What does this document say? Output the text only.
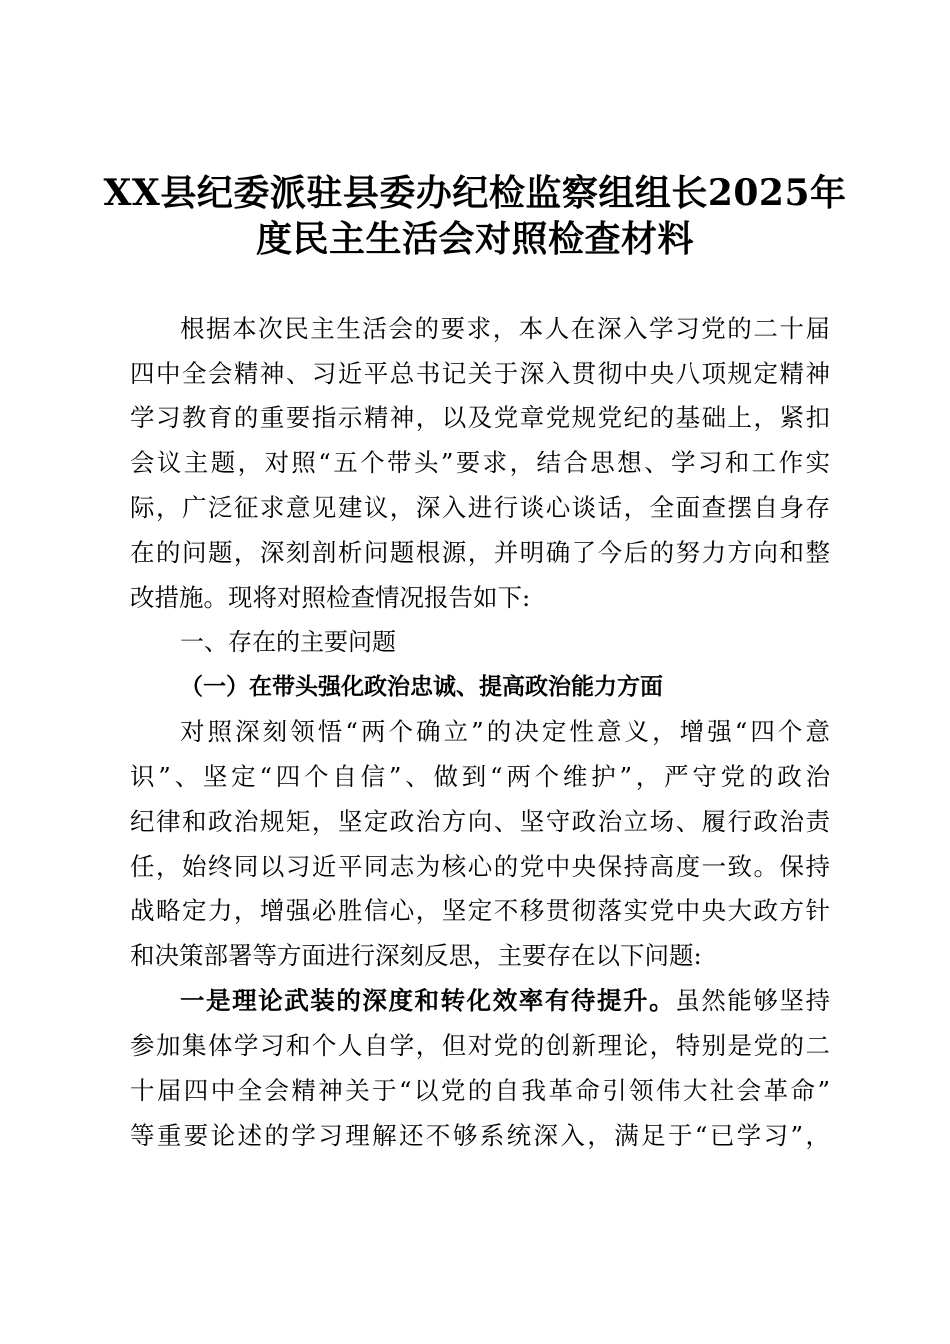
XX县纪委派驻县委办纪检监察组组长2025年
度民主生活会对照检查材料
根据本次民主生活会的要求，本人在深入学习党的二十届
四中全会精神、习近平总书记关于深入贯彻中央八项规定精神
学习教育的重要指示精神，以及党章党规党纪的基础上，紧扣
会议主题，对照“五个带头”要求，结合思想、学习和工作实
际，广泛征求意见建议，深入进行谈心谈话，全面查摆自身存
在的问题，深刻剖析问题根源，并明确了今后的努力方向和整
改措施。现将对照检查情况报告如下:
一、存在的主要问题
（一）在带头强化政治忠诚、提高政治能力方面
对照深刻领悟“两个确立”的决定性意义，增强“四个意
识”、坚定“四个自信”、做到“两个维护”，严守党的政治
纪律和政治规矩，坚定政治方向、坚守政治立场、履行政治责
任，始终同以习近平同志为核心的党中央保持高度一致。保持
战略定力，增强必胜信心，坚定不移贯彻落实党中央大政方针
和决策部署等方面进行深刻反思，主要存在以下问题:
一是理论武装的深度和转化效率有待提升。虽然能够坚持
参加集体学习和个人自学，但对党的创新理论，特别是党的二
十届四中全会精神关于“以党的自我革命引领伟大社会革命”
等重要论述的学习理解还不够系统深入，满足于“已学习”，
